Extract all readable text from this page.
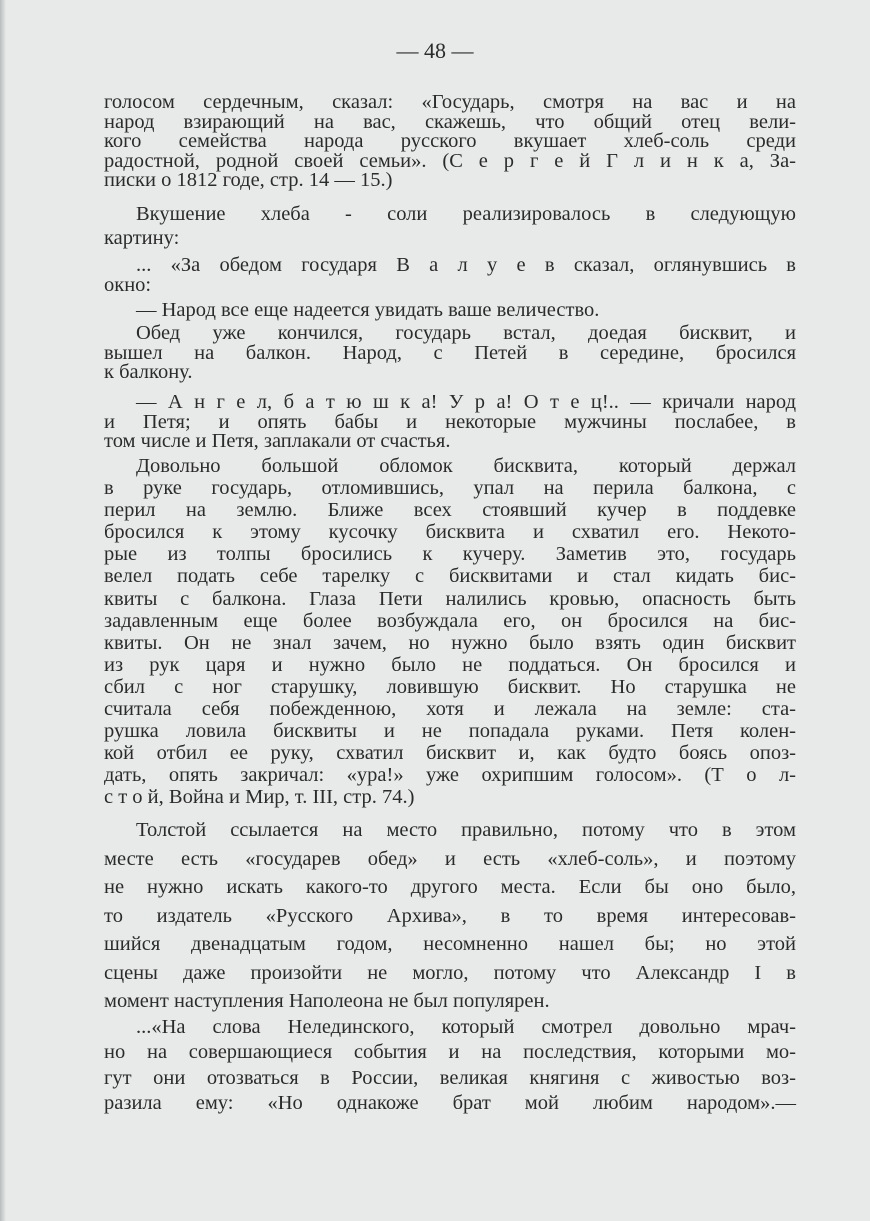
— 48 —
голосом сердечным, сказал: «Государь, смотря на вас и на
народ взирающий на вас, скажешь, что общий отец вели-
кого семейства народа русского вкушает хлеб-соль среди
радостной, родной своей семьи». (С е р г е й Г л и н к а, За-
писки о 1812 годе, стр. 14 — 15.)
Вкушение хлеба - соли реализировалось в следующую
картину:
... «За обедом государя В а л у е в сказал, оглянувшись в
окно:
— Народ все еще надеется увидать ваше величество.
Обед уже кончился, государь встал, доедая бисквит, и
вышел на балкон. Народ, с Петей в середине, бросился
к балкону.
— А н г е л, б а т ю ш к а! У р а! О т е ц!.. — кричали народ
и Петя; и опять бабы и некоторые мужчины послабее, в
том числе и Петя, заплакали от счастья.
Довольно большой обломок бисквита, который держал
в руке государь, отломившись, упал на перила балкона, с
перил на землю. Ближе всех стоявший кучер в поддевке
бросился к этому кусочку бисквита и схватил его. Некото-
рые из толпы бросились к кучеру. Заметив это, государь
велел подать себе тарелку с бисквитами и стал кидать бис-
квиты с балкона. Глаза Пети налились кровью, опасность быть
задавленным еще более возбуждала его, он бросился на бис-
квиты. Он не знал зачем, но нужно было взять один бисквит
из рук царя и нужно было не поддаться. Он бросился и
сбил с ног старушку, ловившую бисквит. Но старушка не
считала себя побежденною, хотя и лежала на земле: ста-
рушка ловила бисквиты и не попадала руками. Петя колен-
кой отбил ее руку, схватил бисквит и, как будто боясь опоз-
дать, опять закричал: «ура!» уже охрипшим голосом». (Т о л-
с т о й, Война и Мир, т. III, стр. 74.)
Толстой ссылается на место правильно, потому что в этом
месте есть «государев обед» и есть «хлеб-соль», и поэтому
не нужно искать какого-то другого места. Если бы оно было,
то издатель «Русского Архива», в то время интересовав-
шийся двенадцатым годом, несомненно нашел бы; но этой
сцены даже произойти не могло, потому что Александр I в
момент наступления Наполеона не был популярен.
...«На слова Нелединского, который смотрел довольно мрач-
но на совершающиеся события и на последствия, которыми мо-
гут они отозваться в России, великая княгиня с живостью воз-
разила ему: «Но однакоже брат мой любим народом».—
